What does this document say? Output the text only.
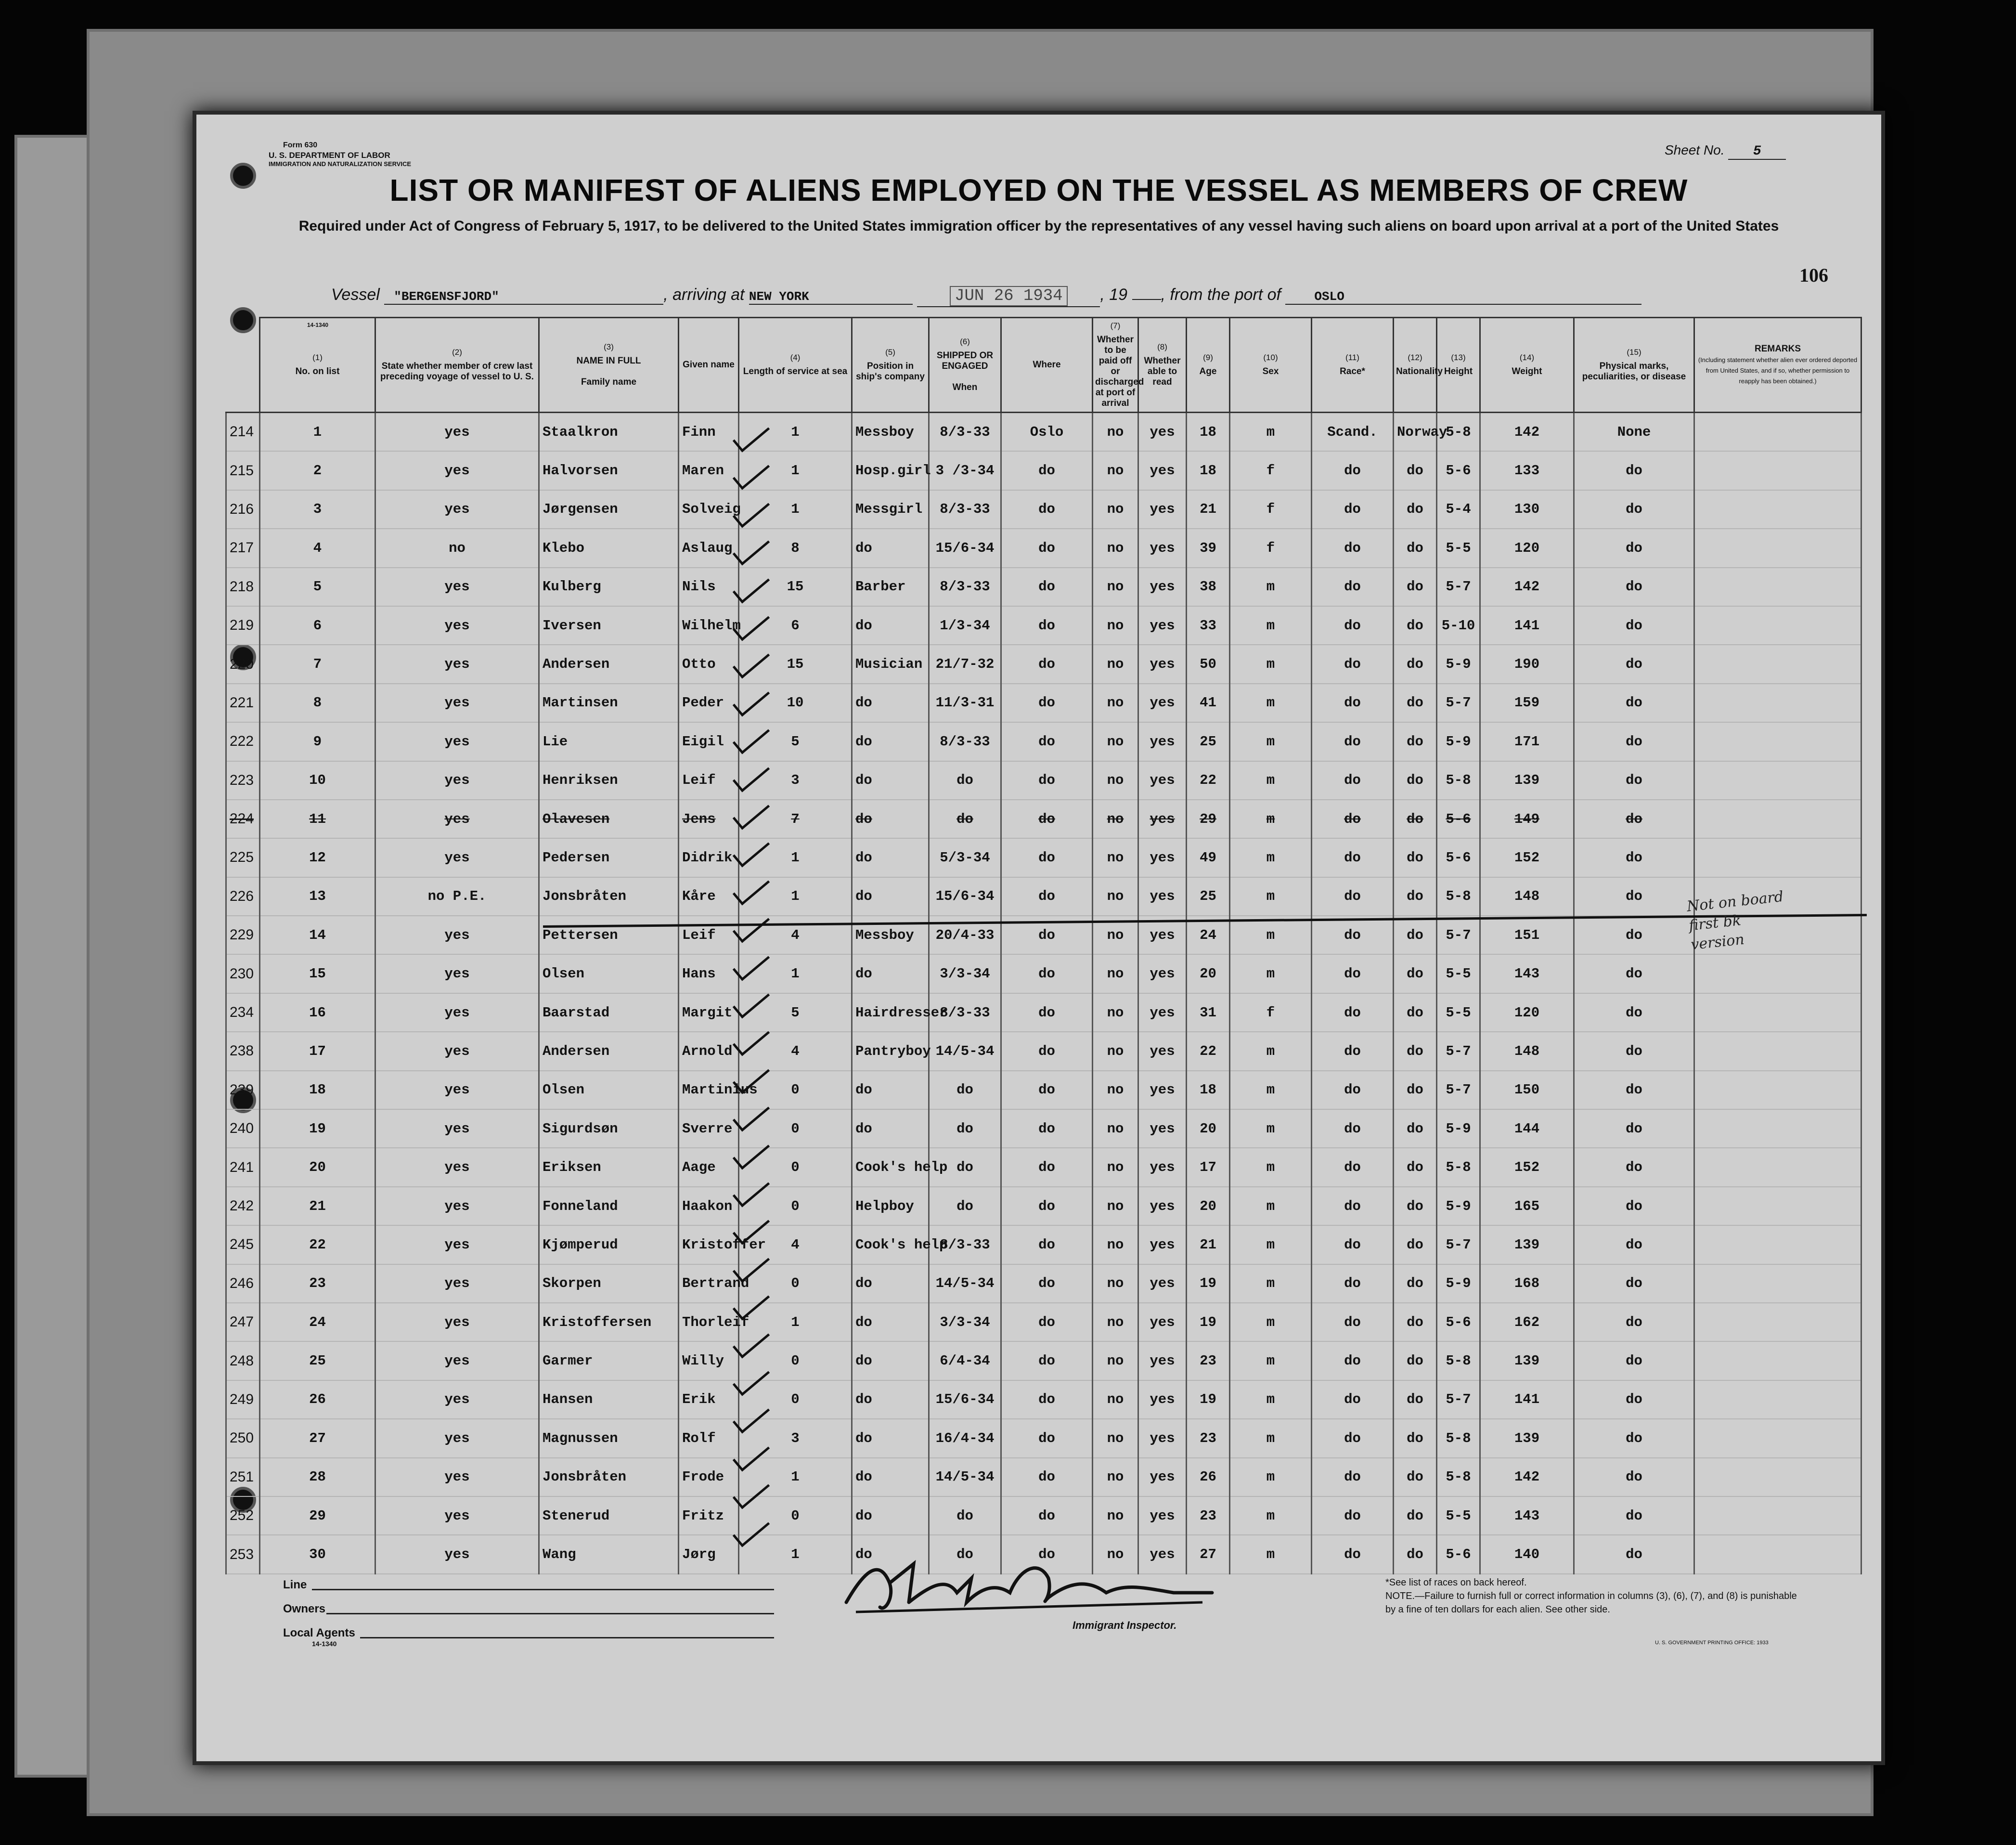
Form 630
U. S. DEPARTMENT OF LABOR
IMMIGRATION AND NATURALIZATION SERVICE
Sheet No. 5
LIST OR MANIFEST OF ALIENS EMPLOYED ON THE VESSEL AS MEMBERS OF CREW
Required under Act of Congress of February 5, 1917, to be delivered to the United States immigration officer by the representatives of any vessel having such aliens on board upon arrival at a port of the United States
106
Vessel "BERGENSFJORD"	, arriving at NEW YORK	JUN 26 1934 , 19 , from the port of	OSLO
14-1340

	(1)
No. on list	(2)
State whether member of crew last preceding voyage of vessel to U. S.	(3)
NAME IN FULL

Family name	Given name	(4)
Length of service at sea	(5)
Position in ship's company	(6)
SHIPPED OR ENGAGED

When	Where	(7)
Whether to be paid off or discharged at port of arrival	(8)
Whether able to read	(9)
Age	(10)
Sex	(11)
Race*	(12)
Nationality	(13)
Height	(14)
Weight	(15)
Physical marks, peculiarities, or disease	REMARKS
(Including statement whether alien ever ordered deported from United States, and if so, whether permission to reapply has been obtained.)
214	1	yes	Staalkron	Finn	1	Messboy	8/3-33	Oslo	no	yes	18	m	Scand.	Norway	5-8	142	None	
215	2	yes	Halvorsen	Maren	1	Hosp.girl	3 /3-34	do	no	yes	18	f	do	do	5-6	133	do	
216	3	yes	Jørgensen	Solveig	1	Messgirl	8/3-33	do	no	yes	21	f	do	do	5-4	130	do	
217	4	no	Klebo	Aslaug	8	do	15/6-34	do	no	yes	39	f	do	do	5-5	120	do	
218	5	yes	Kulberg	Nils	15	Barber	8/3-33	do	no	yes	38	m	do	do	5-7	142	do	
219	6	yes	Iversen	Wilhelm	6	do	1/3-34	do	no	yes	33	m	do	do	5-10	141	do	
220	7	yes	Andersen	Otto	15	Musician	21/7-32	do	no	yes	50	m	do	do	5-9	190	do	
221	8	yes	Martinsen	Peder	10	do	11/3-31	do	no	yes	41	m	do	do	5-7	159	do	
222	9	yes	Lie	Eigil	5	do	8/3-33	do	no	yes	25	m	do	do	5-9	171	do	
223	10	yes	Henriksen	Leif	3	do	do	do	no	yes	22	m	do	do	5-8	139	do	
224	11	yes	Olavesen	Jens	7	do	do	do	no	yes	29	m	do	do	5-6	149	do	
225	12	yes	Pedersen	Didrik	1	do	5/3-34	do	no	yes	49	m	do	do	5-6	152	do	
226	13	no P.E.	Jonsbråten	Kåre	1	do	15/6-34	do	no	yes	25	m	do	do	5-8	148	do	
229	14	yes	Pettersen	Leif	4	Messboy	20/4-33	do	no	yes	24	m	do	do	5-7	151	do	
230	15	yes	Olsen	Hans	1	do	3/3-34	do	no	yes	20	m	do	do	5-5	143	do	
234	16	yes	Baarstad	Margit	5	Hairdresser	8/3-33	do	no	yes	31	f	do	do	5-5	120	do	
238	17	yes	Andersen	Arnold	4	Pantryboy	14/5-34	do	no	yes	22	m	do	do	5-7	148	do	
239	18	yes	Olsen	Martinius	0	do	do	do	no	yes	18	m	do	do	5-7	150	do	
240	19	yes	Sigurdsøn	Sverre	0	do	do	do	no	yes	20	m	do	do	5-9	144	do	
241	20	yes	Eriksen	Aage	0	Cook's help	do	do	no	yes	17	m	do	do	5-8	152	do	
242	21	yes	Fonneland	Haakon	0	Helpboy	do	do	no	yes	20	m	do	do	5-9	165	do	
245	22	yes	Kjømperud	Kristoffer	4	Cook's help	8/3-33	do	no	yes	21	m	do	do	5-7	139	do	
246	23	yes	Skorpen	Bertrand	0	do	14/5-34	do	no	yes	19	m	do	do	5-9	168	do	
247	24	yes	Kristoffersen	Thorleif	1	do	3/3-34	do	no	yes	19	m	do	do	5-6	162	do	
248	25	yes	Garmer	Willy	0	do	6/4-34	do	no	yes	23	m	do	do	5-8	139	do	
249	26	yes	Hansen	Erik	0	do	15/6-34	do	no	yes	19	m	do	do	5-7	141	do	
250	27	yes	Magnussen	Rolf	3	do	16/4-34	do	no	yes	23	m	do	do	5-8	139	do	
251	28	yes	Jonsbråten	Frode	1	do	14/5-34	do	no	yes	26	m	do	do	5-8	142	do	
252	29	yes	Stenerud	Fritz	0	do	do	do	no	yes	23	m	do	do	5-5	143	do	
253	30	yes	Wang	Jørg	1	do	do	do	no	yes	27	m	do	do	5-6	140	do	
Not on board
first bk
version
Line
Owners
Local Agents
14-1340
Immigrant Inspector.
*See list of races on back hereof.
NOTE.—Failure to furnish full or correct information in columns (3), (6), (7), and (8) is punishable by a fine of ten dollars for each alien. See other side.
U. S. GOVERNMENT PRINTING OFFICE: 1933
